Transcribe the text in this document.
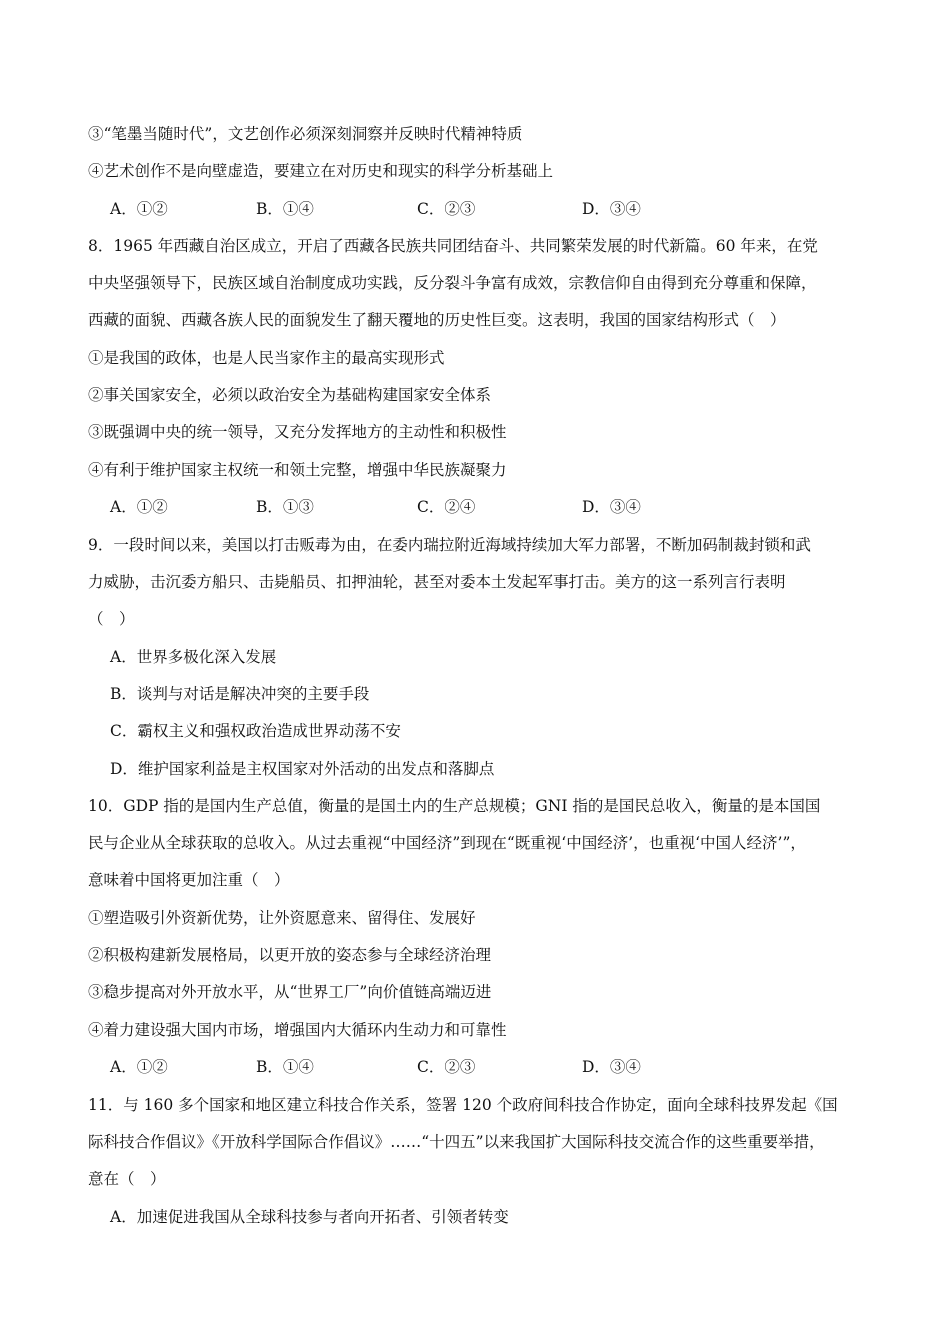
③“笔墨当随时代”，文艺创作必须深刻洞察并反映时代精神特质
④艺术创作不是向壁虚造，要建立在对历史和现实的科学分析基础上
A．①②	B．①④	C．②③	D．③④
8．1965 年西藏自治区成立，开启了西藏各民族共同团结奋斗、共同繁荣发展的时代新篇。60 年来，在党
中央坚强领导下，民族区域自治制度成功实践，反分裂斗争富有成效，宗教信仰自由得到充分尊重和保障，
西藏的面貌、西藏各族人民的面貌发生了翻天覆地的历史性巨变。这表明，我国的国家结构形式（　）
①是我国的政体，也是人民当家作主的最高实现形式
②事关国家安全，必须以政治安全为基础构建国家安全体系
③既强调中央的统一领导，又充分发挥地方的主动性和积极性
④有利于维护国家主权统一和领土完整，增强中华民族凝聚力
A．①②	B．①③	C．②④	D．③④
9．一段时间以来，美国以打击贩毒为由，在委内瑞拉附近海域持续加大军力部署，不断加码制裁封锁和武
力威胁，击沉委方船只、击毙船员、扣押油轮，甚至对委本土发起军事打击。美方的这一系列言行表明
（　）
A．世界多极化深入发展
B．谈判与对话是解决冲突的主要手段
C．霸权主义和强权政治造成世界动荡不安
D．维护国家利益是主权国家对外活动的出发点和落脚点
10．GDP 指的是国内生产总值，衡量的是国土内的生产总规模；GNI 指的是国民总收入，衡量的是本国国
民与企业从全球获取的总收入。从过去重视“中国经济”到现在“既重视‘中国经济’，也重视‘中国人经济’”，
意味着中国将更加注重（　）
①塑造吸引外资新优势，让外资愿意来、留得住、发展好
②积极构建新发展格局，以更开放的姿态参与全球经济治理
③稳步提高对外开放水平，从“世界工厂”向价值链高端迈进
④着力建设强大国内市场，增强国内大循环内生动力和可靠性
A．①②	B．①④	C．②③	D．③④
11．与 160 多个国家和地区建立科技合作关系，签署 120 个政府间科技合作协定，面向全球科技界发起《国
际科技合作倡议》《开放科学国际合作倡议》……“十四五”以来我国扩大国际科技交流合作的这些重要举措，
意在（　）
A．加速促进我国从全球科技参与者向开拓者、引领者转变
